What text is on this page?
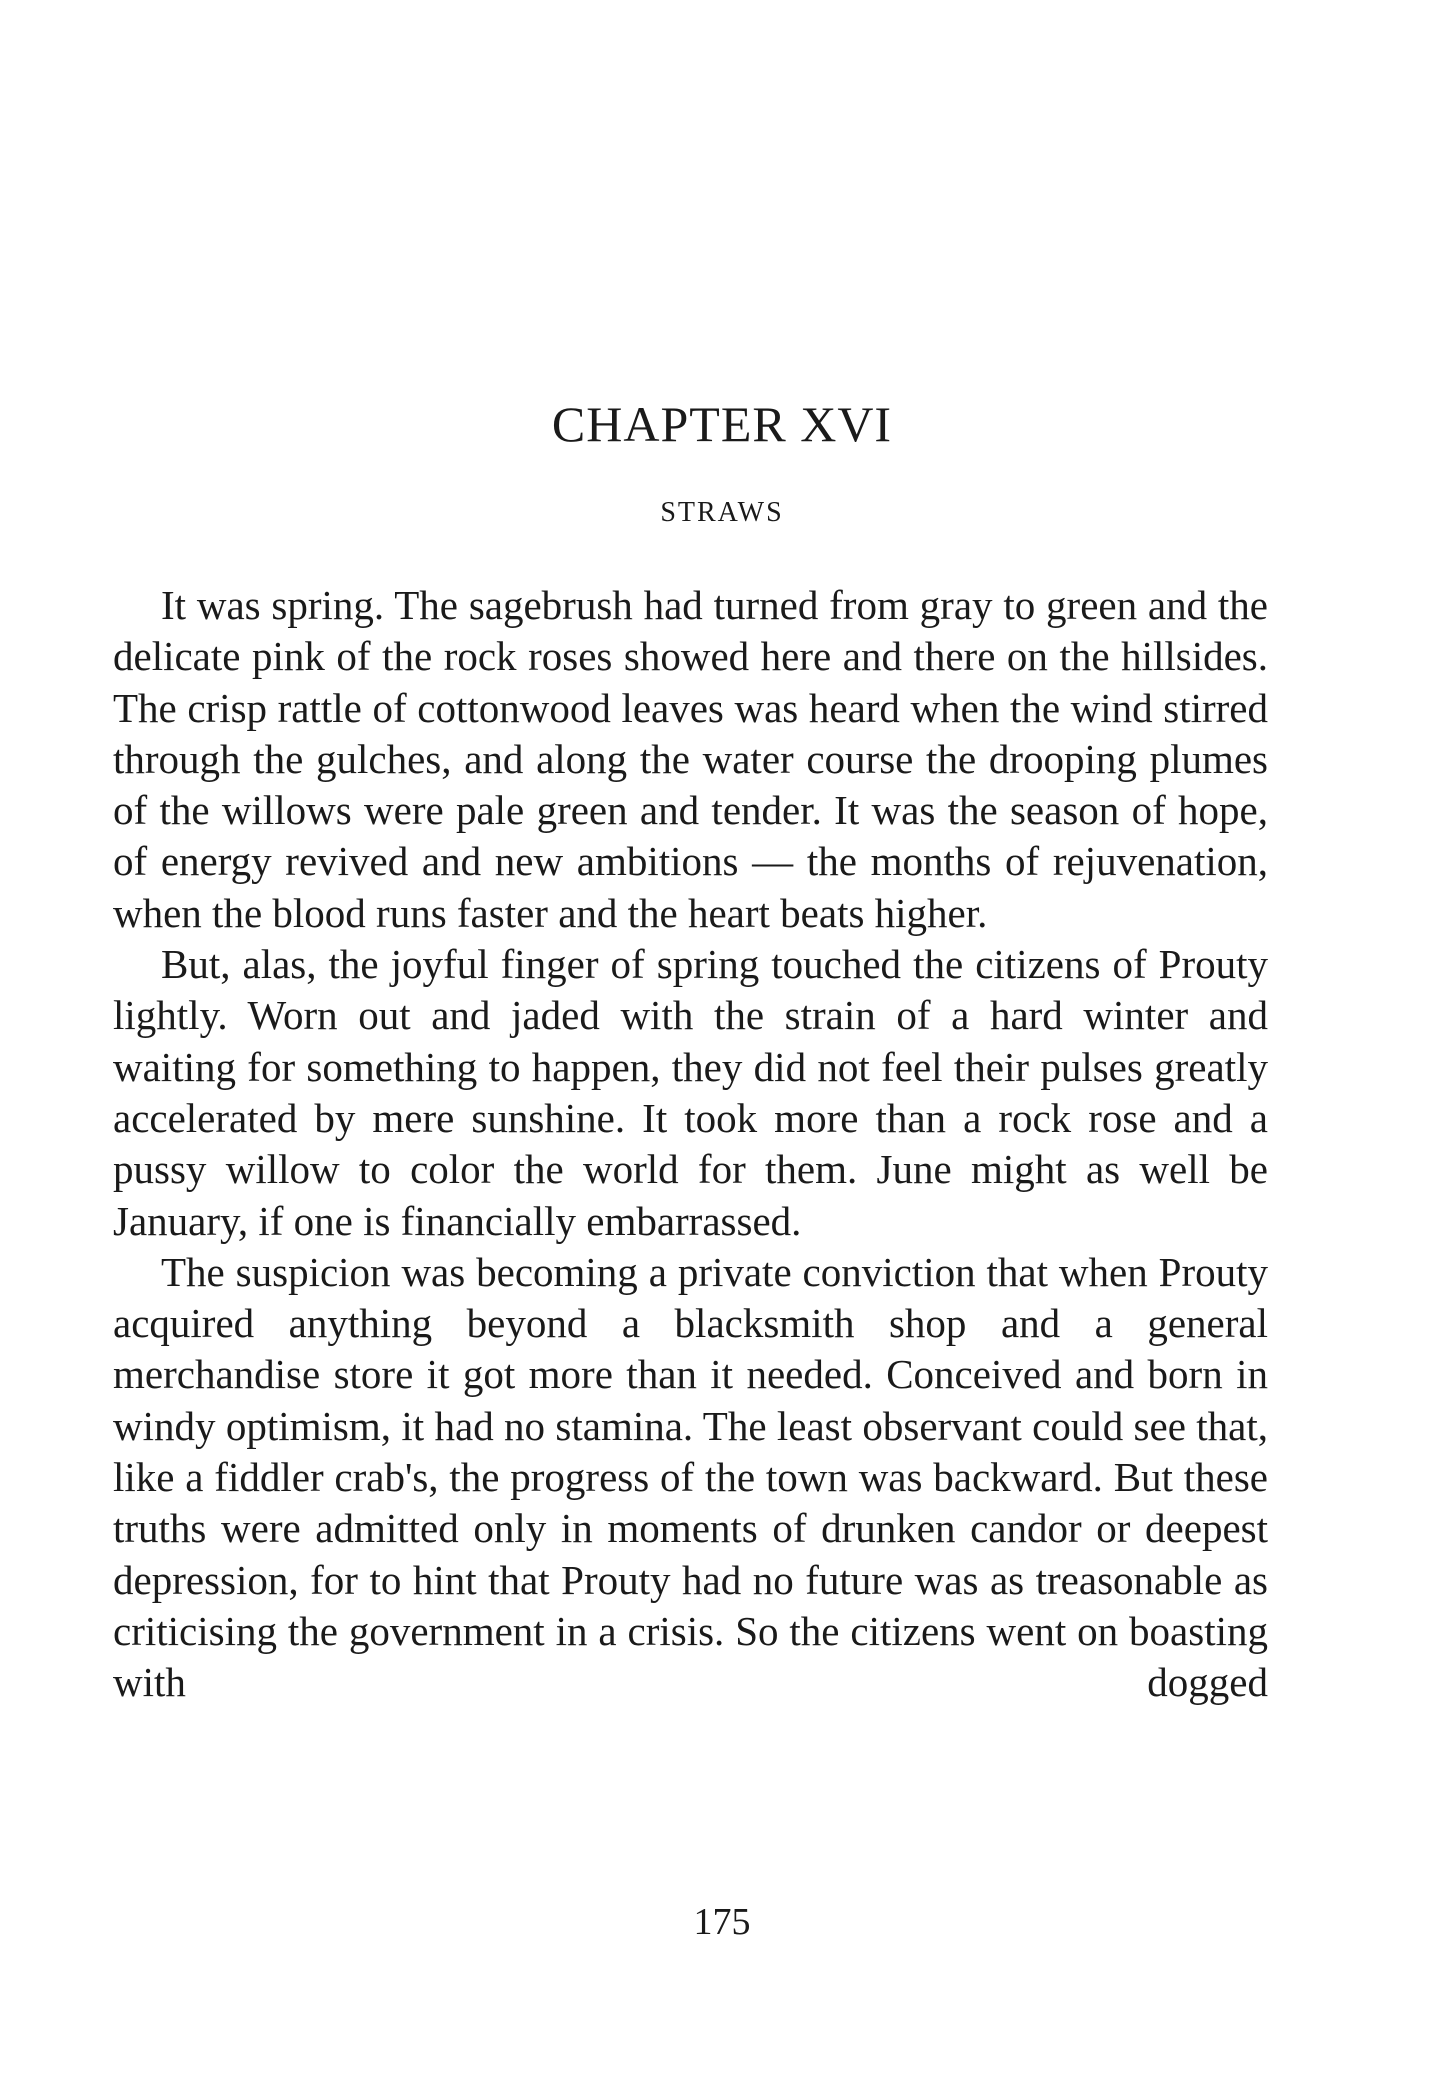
CHAPTER XVI
STRAWS

It was spring. The sagebrush had turned from gray to green and the delicate pink of the rock roses showed here and there on the hillsides. The crisp rattle of cottonwood leaves was heard when the wind stirred through the gulches, and along the water course the drooping plumes of the willows were pale green and tender. It was the season of hope, of energy revived and new ambitions — the months of rejuvenation, when the blood runs faster and the heart beats higher.

But, alas, the joyful finger of spring touched the citizens of Prouty lightly. Worn out and jaded with the strain of a hard winter and waiting for something to happen, they did not feel their pulses greatly accelerated by mere sunshine. It took more than a rock rose and a pussy willow to color the world for them. June might as well be January, if one is financially embarrassed.

The suspicion was becoming a private conviction that when Prouty acquired anything beyond a blacksmith shop and a general merchandise store it got more than it needed. Conceived and born in windy optimism, it had no stamina. The least observant could see that, like a fiddler crab's, the progress of the town was backward. But these truths were admitted only in moments of drunken candor or deepest depression, for to hint that Prouty had no future was as treasonable as criticising the government in a crisis. So the citizens went on boasting with dogged

175
